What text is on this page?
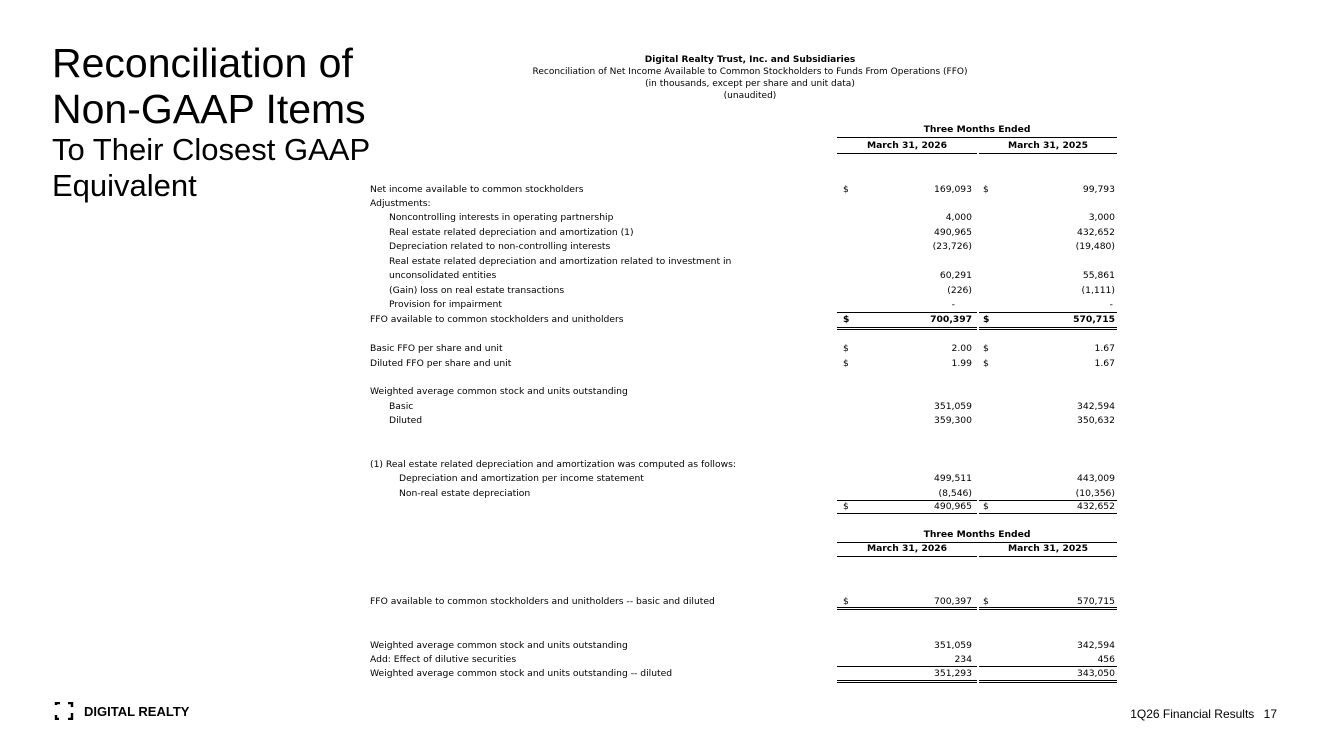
Reconciliation of
Non-GAAP Items
To Their Closest GAAP
Equivalent
Digital Realty Trust, Inc. and Subsidiaries
Reconciliation of Net Income Available to Common Stockholders to Funds From Operations (FFO)
(in thousands, except per share and unit data)
(unaudited)
Three Months Ended
March 31, 2026	March 31, 2025
Net income available to common stockholders	$	169,093 $	99,793
Adjustments:
Noncontrolling interests in operating partnership	4,000	3,000
Real estate related depreciation and amortization (1)	490,965	432,652
Depreciation related to non-controlling interests	(23,726)	(19,480)
Real estate related depreciation and amortization related to investment in
unconsolidated entities	60,291	55,861
(Gain) loss on real estate transactions	(226)	(1,111)
Provision for impairment	-	-
FFO available to common stockholders and unitholders	$	700,397 $	570,715
Basic FFO per share and unit	$	2.00 $	1.67
Diluted FFO per share and unit	$	1.99 $	1.67
Weighted average common stock and units outstanding
Basic	351,059	342,594
Diluted	359,300	350,632
(1) Real estate related depreciation and amortization was computed as follows:
Depreciation and amortization per income statement	499,511	443,009
Non-real estate depreciation	(8,546)	(10,356)
$	490,965 $	432,652
Three Months Ended
March 31, 2026	March 31, 2025
FFO available to common stockholders and unitholders -- basic and diluted	$	700,397 $	570,715
Weighted average common stock and units outstanding	351,059	342,594
Add: Effect of dilutive securities	234	456
Weighted average common stock and units outstanding -- diluted	351,293	343,050
DIGITAL REALTY	1Q26 Financial Results 17
